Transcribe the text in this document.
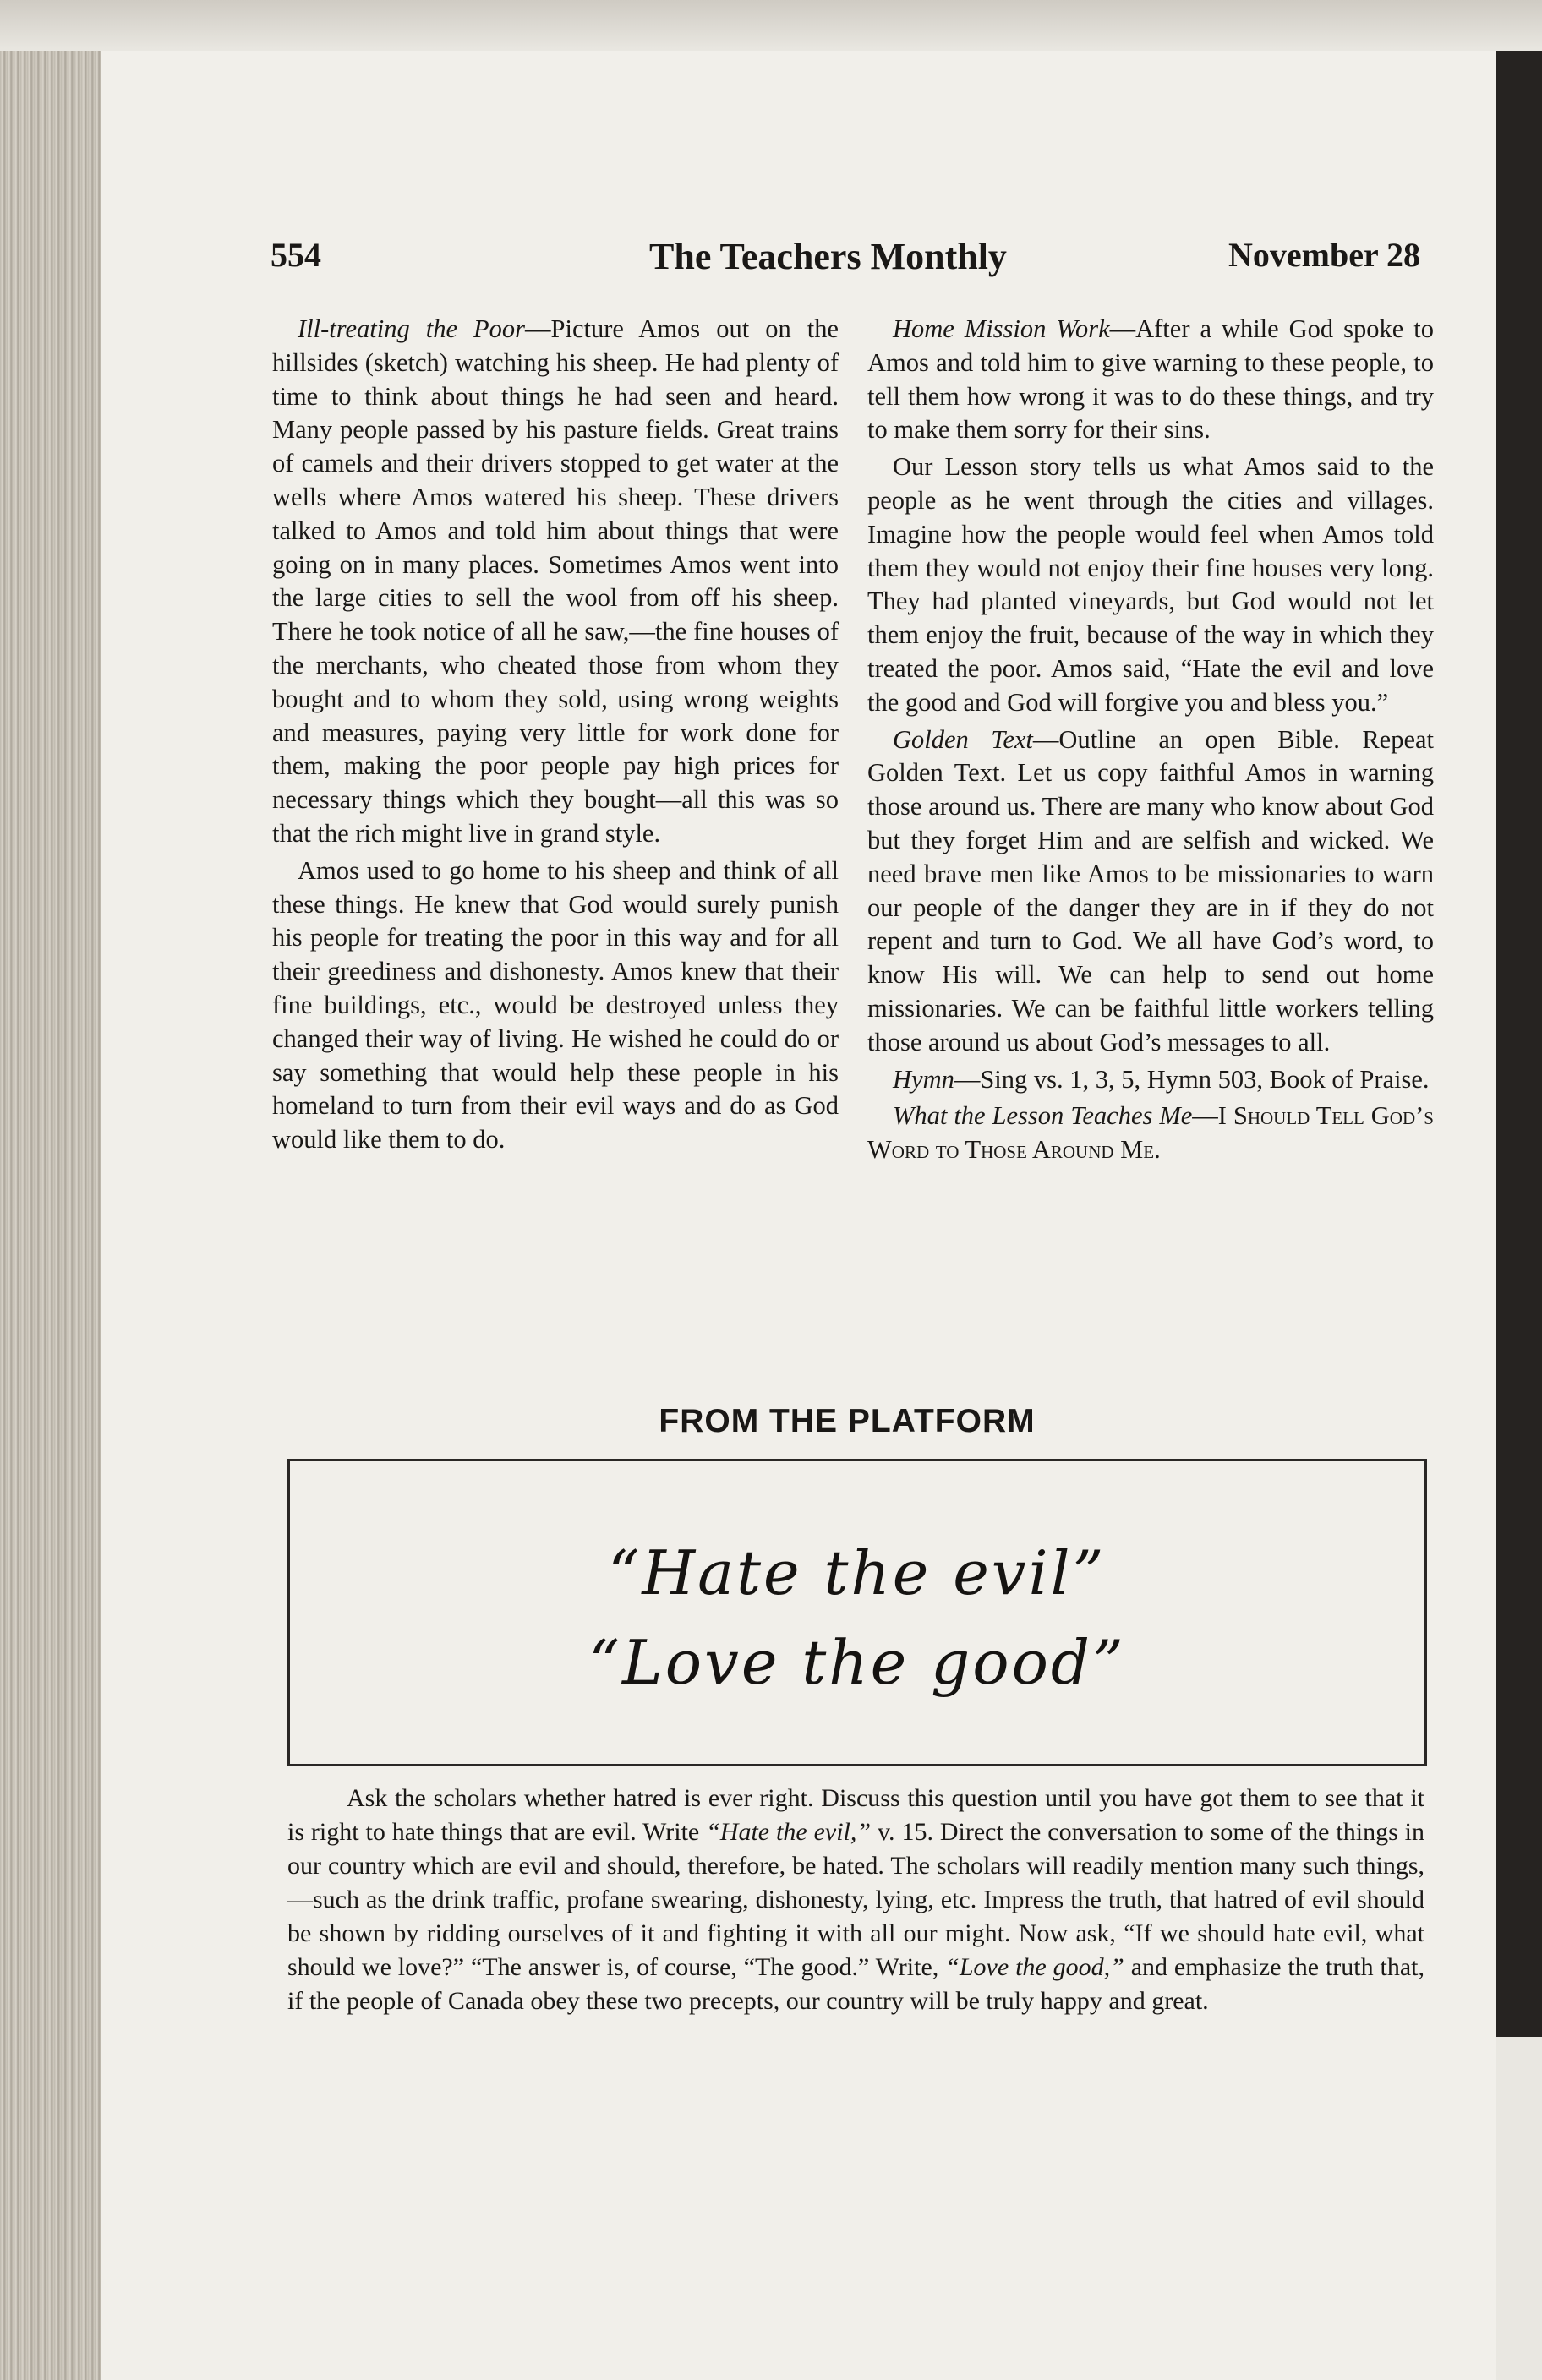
554	The Teachers Monthly	November 28

Ill-treating the Poor—Picture Amos out on the hillsides (sketch) watching his sheep. He had plenty of time to think about things he had seen and heard. Many people passed by his pasture fields. Great trains of camels and their drivers stopped to get water at the wells where Amos watered his sheep. These drivers talked to Amos and told him about things that were going on in many places. Sometimes Amos went into the large cities to sell the wool from off his sheep. There he took notice of all he saw,—the fine houses of the merchants, who cheated those from whom they bought and to whom they sold, using wrong weights and measures, paying very little for work done for them, making the poor people pay high prices for necessary things which they bought—all this was so that the rich might live in grand style.

Amos used to go home to his sheep and think of all these things. He knew that God would surely punish his people for treating the poor in this way and for all their greediness and dishonesty. Amos knew that their fine buildings, etc., would be destroyed unless they changed their way of living. He wished he could do or say something that would help these people in his homeland to turn from their evil ways and do as God would like them to do.

Home Mission Work—After a while God spoke to Amos and told him to give warning to these people, to tell them how wrong it was to do these things, and try to make them sorry for their sins.

Our Lesson story tells us what Amos said to the people as he went through the cities and villages. Imagine how the people would feel when Amos told them they would not enjoy their fine houses very long. They had planted vineyards, but God would not let them enjoy the fruit, because of the way in which they treated the poor. Amos said, “Hate the evil and love the good and God will forgive you and bless you.”

Golden Text—Outline an open Bible. Repeat Golden Text. Let us copy faithful Amos in warning those around us. There are many who know about God but they forget Him and are selfish and wicked. We need brave men like Amos to be missionaries to warn our people of the danger they are in if they do not repent and turn to God. We all have God’s word, to know His will. We can help to send out home missionaries. We can be faithful little workers telling those around us about God’s messages to all.

Hymn—Sing vs. 1, 3, 5, Hymn 503, Book of Praise.

What the Lesson Teaches Me—I Should Tell God’s Word to Those Around Me.

FROM THE PLATFORM
“Hate the evil”
“Love the good”

Ask the scholars whether hatred is ever right. Discuss this question until you have got them to see that it is right to hate things that are evil. Write “Hate the evil,” v. 15. Direct the conversation to some of the things in our country which are evil and should, therefore, be hated. The scholars will readily mention many such things,—such as the drink traffic, profane swearing, dishonesty, lying, etc. Impress the truth, that hatred of evil should be shown by ridding ourselves of it and fighting it with all our might. Now ask, “If we should hate evil, what should we love?” “The answer is, of course, “The good.” Write, “Love the good,” and emphasize the truth that, if the people of Canada obey these two precepts, our country will be truly happy and great.
